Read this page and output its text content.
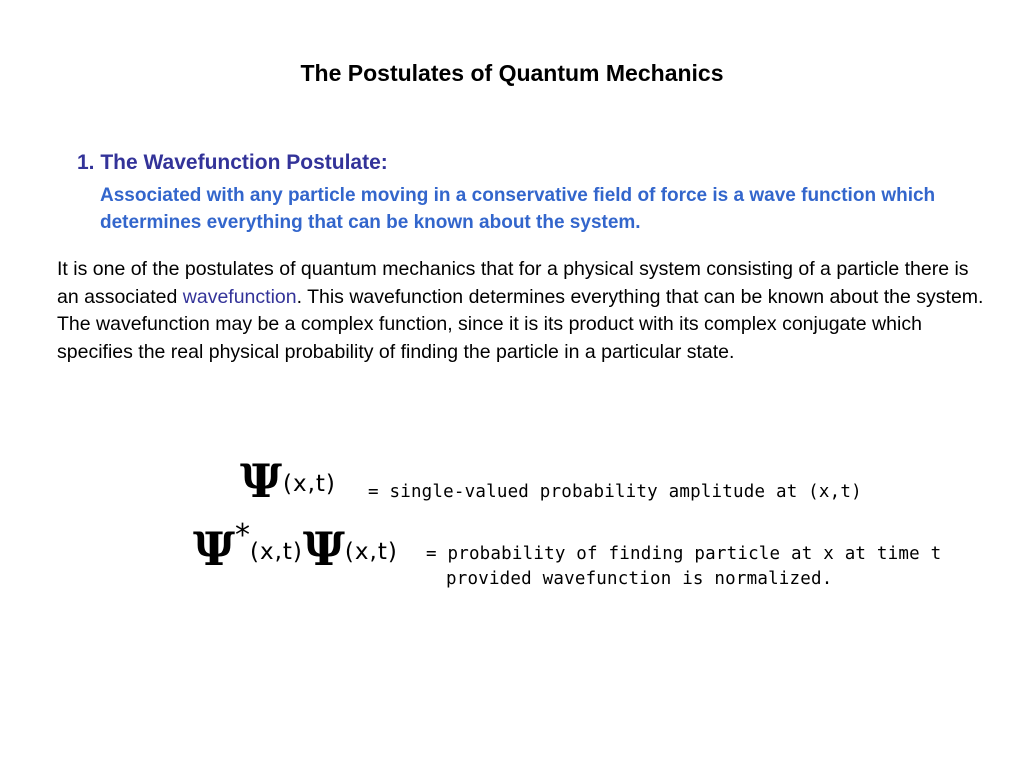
The Postulates of Quantum Mechanics
1. The Wavefunction Postulate:

Associated with any particle moving in a conservative field of force is a wave function which determines everything that can be known about the system.

It is one of the postulates of quantum mechanics that for a physical system consisting of a particle there is an associated wavefunction. This wavefunction determines everything that can be known about the system. The wavefunction may be a complex function, since it is its product with its complex conjugate which specifies the real physical probability of finding the particle in a particular state.

Ψ(x,t) = single-valued probability amplitude at (x,t)
Ψ*(x,t)Ψ(x,t) = probability of finding particle at x at time t
provided wavefunction is normalized.
